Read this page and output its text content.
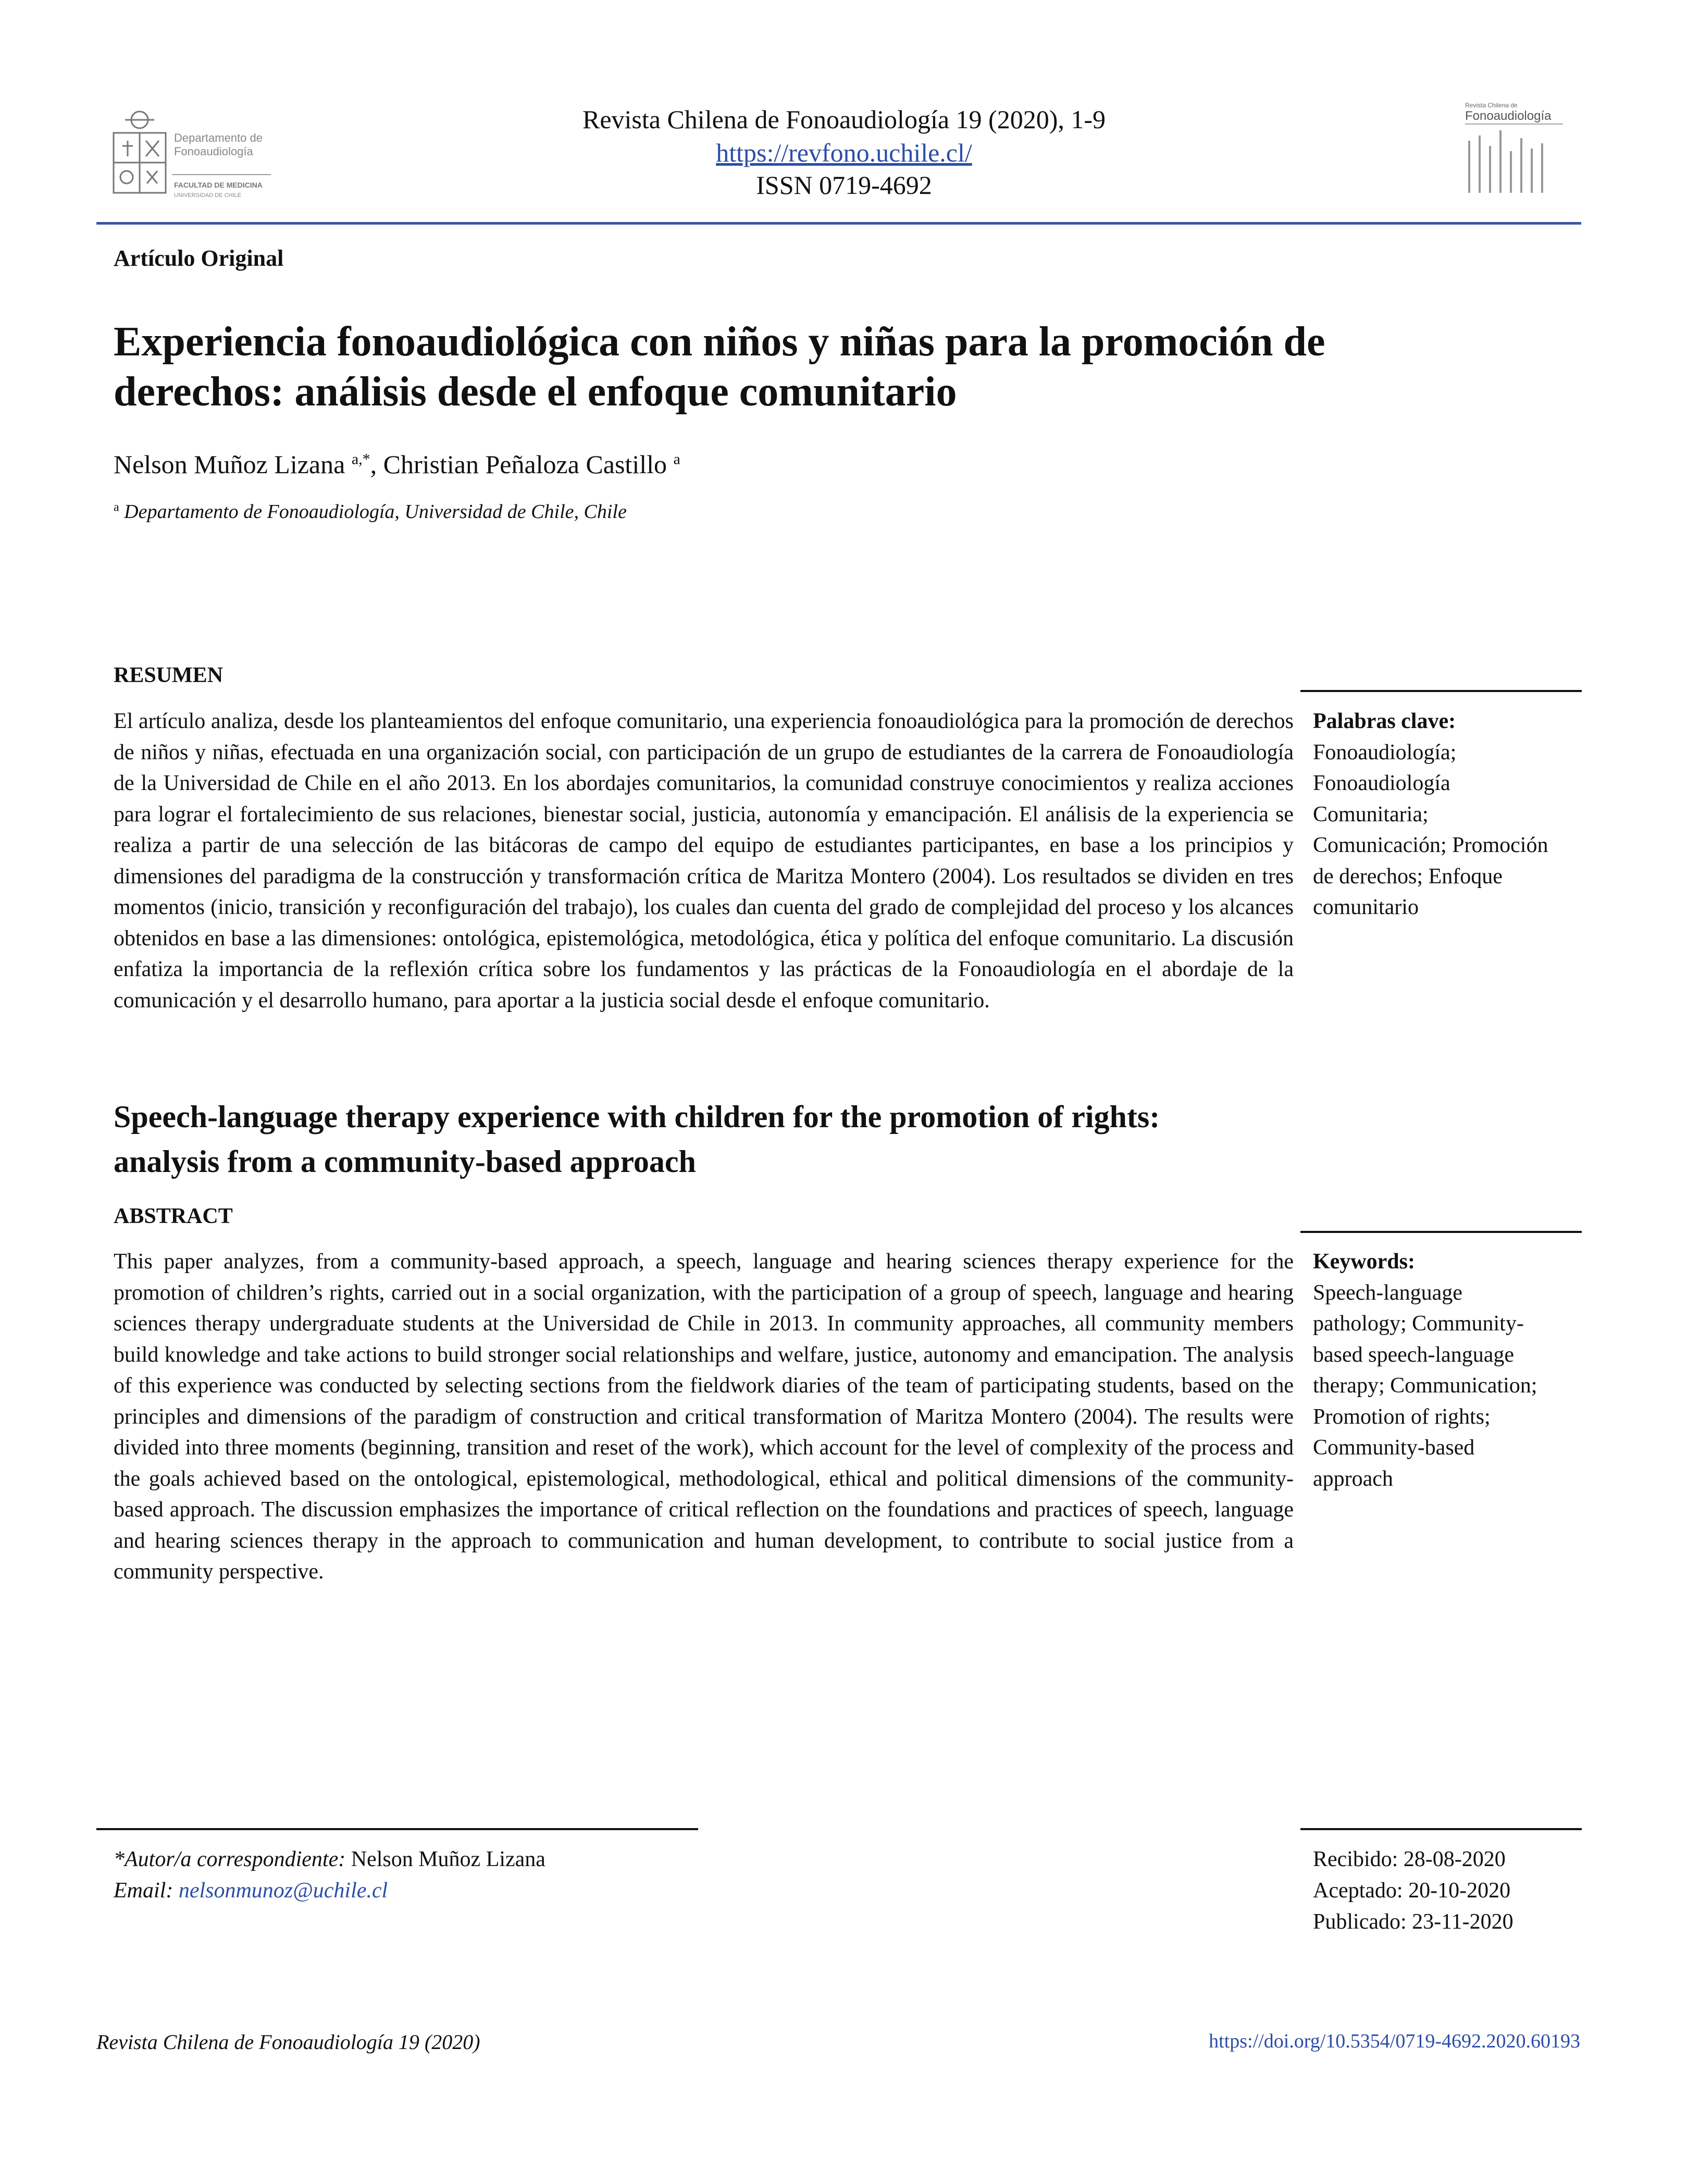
Departamento de
Fonoaudiología
FACULTAD DE MEDICINA
UNIVERSIDAD DE CHILE
Revista Chilena de Fonoaudiología 19 (2020), 1-9
https://revfono.uchile.cl/
ISSN 0719-4692
Revista Chilena de
Fonoaudiología
Artículo Original
Experiencia fonoaudiológica con niños y niñas para la promoción de
derechos: análisis desde el enfoque comunitario
Nelson Muñoz Lizana $^{a,*}$, Christian Peñaloza Castillo $^a$
$^a$ Departamento de Fonoaudiología, Universidad de Chile, Chile
RESUMEN
El artículo analiza, desde los planteamientos del enfoque comunitario, una experiencia fonoaudiológica para la promoción de derechos de niños y niñas, efectuada en una organización social, con participación de un grupo de estudiantes de la carrera de Fonoaudiología de la Universidad de Chile en el año 2013. En los abordajes comunitarios, la comunidad construye conocimientos y realiza acciones para lograr el fortalecimiento de sus relaciones, bienestar social, justicia, autonomía y emancipación. El análisis de la experiencia se realiza a partir de una selección de las bitácoras de campo del equipo de estudiantes participantes, en base a los principios y dimensiones del paradigma de la construcción y transformación crítica de Maritza Montero (2004). Los resultados se dividen en tres momentos (inicio, transición y reconfiguración del trabajo), los cuales dan cuenta del grado de complejidad del proceso y los alcances obtenidos en base a las dimensiones: ontológica, epistemológica, metodológica, ética y política del enfoque comunitario. La discusión enfatiza la importancia de la reflexión crítica sobre los fundamentos y las prácticas de la Fonoaudiología en el abordaje de la comunicación y el desarrollo humano, para aportar a la justicia social desde el enfoque comunitario.
Palabras clave:
Fonoaudiología;
Fonoaudiología
Comunitaria;
Comunicación; Promoción
de derechos; Enfoque
comunitario
Speech-language therapy experience with children for the promotion of rights:
analysis from a community-based approach
ABSTRACT
This paper analyzes, from a community-based approach, a speech, language and hearing sciences therapy experience for the promotion of children’s rights, carried out in a social organization, with the participation of a group of speech, language and hearing sciences therapy undergraduate students at the Universidad de Chile in 2013. In community approaches, all community members build knowledge and take actions to build stronger social relationships and welfare, justice, autonomy and emancipation. The analysis of this experience was conducted by selecting sections from the fieldwork diaries of the team of participating students, based on the principles and dimensions of the paradigm of construction and critical transformation of Maritza Montero (2004). The results were divided into three moments (beginning, transition and reset of the work), which account for the level of complexity of the process and the goals achieved based on the ontological, epistemological, methodological, ethical and political dimensions of the community-based approach. The discussion emphasizes the importance of critical reflection on the foundations and practices of speech, language and hearing sciences therapy in the approach to communication and human development, to contribute to social justice from a community perspective.
Keywords:
Speech-language
pathology; Community-
based speech-language
therapy; Communication;
Promotion of rights;
Community-based
approach
*Autor/a correspondiente: Nelson Muñoz Lizana
Email: nelsonmunoz@uchile.cl
Recibido: 28-08-2020
Aceptado: 20-10-2020
Publicado: 23-11-2020
Revista Chilena de Fonoaudiología 19 (2020)	https://doi.org/10.5354/0719-4692.2020.60193
